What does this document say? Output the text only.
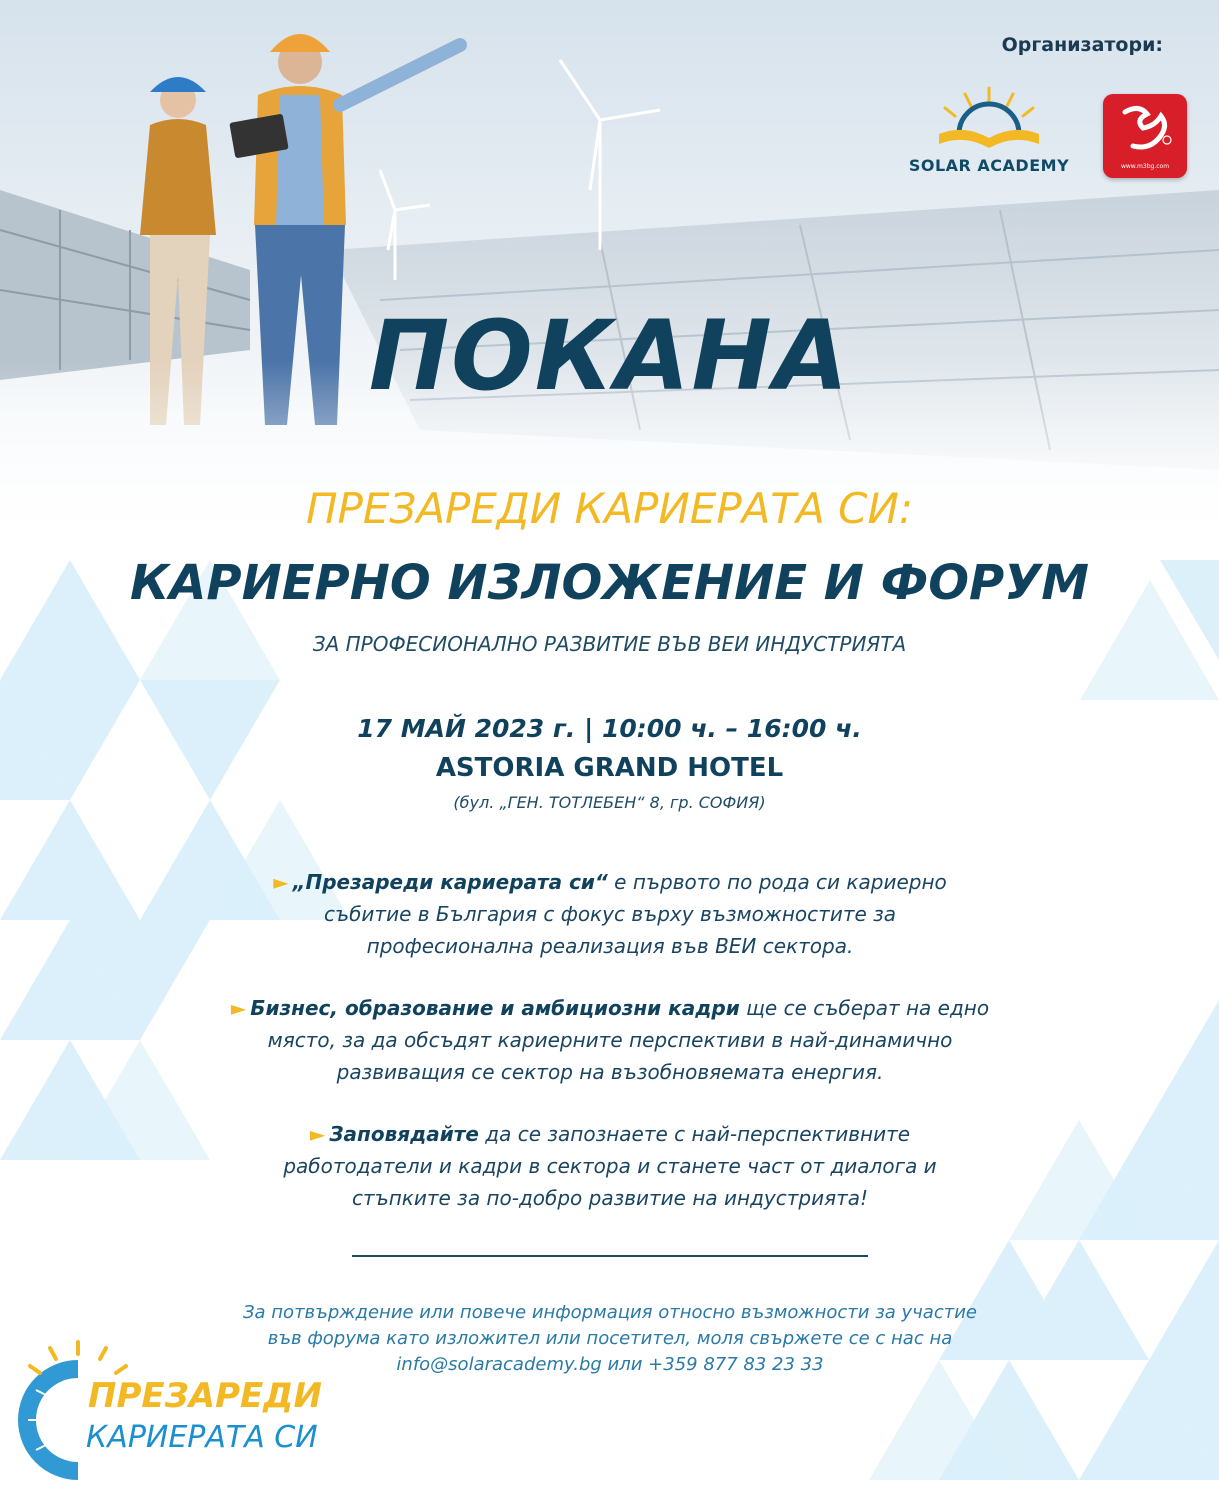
Организатори:
SOLAR ACADEMY	www.m3bg.com
ПОКАНА
ПРЕЗАРЕДИ КАРИЕРАТА СИ:
КАРИЕРНО ИЗЛОЖЕНИЕ И ФОРУМ
ЗА ПРОФЕСИОНАЛНО РАЗВИТИЕ ВЪВ ВЕИ ИНДУСТРИЯТА
17 МАЙ 2023 г. | 10:00 ч. – 16:00 ч.
ASTORIA GRAND HOTEL
(бул. „ГЕН. ТОТЛЕБЕН“ 8, гр. СОФИЯ)
► „Презареди кариерата си“ е първото по рода си кариерно
събитие в България с фокус върху възможностите за
професионална реализация във ВЕИ сектора.
► Бизнес, образование и амбициозни кадри ще се съберат на едно
място, за да обсъдят кариерните перспективи в най-динамично
развиващия се сектор на възобновяемата енергия.
► Заповядайте да се запознаете с най-перспективните
работодатели и кадри в сектора и станете част от диалога и
стъпките за по-добро развитие на индустрията!
За потвърждение или повече информация относно възможности за участие
във форума като изложител или посетител, моля свържете се с нас на
info@solaracademy.bg или +359 877 83 23 33
ПРЕЗАРЕДИ
КАРИЕРАТА СИ
